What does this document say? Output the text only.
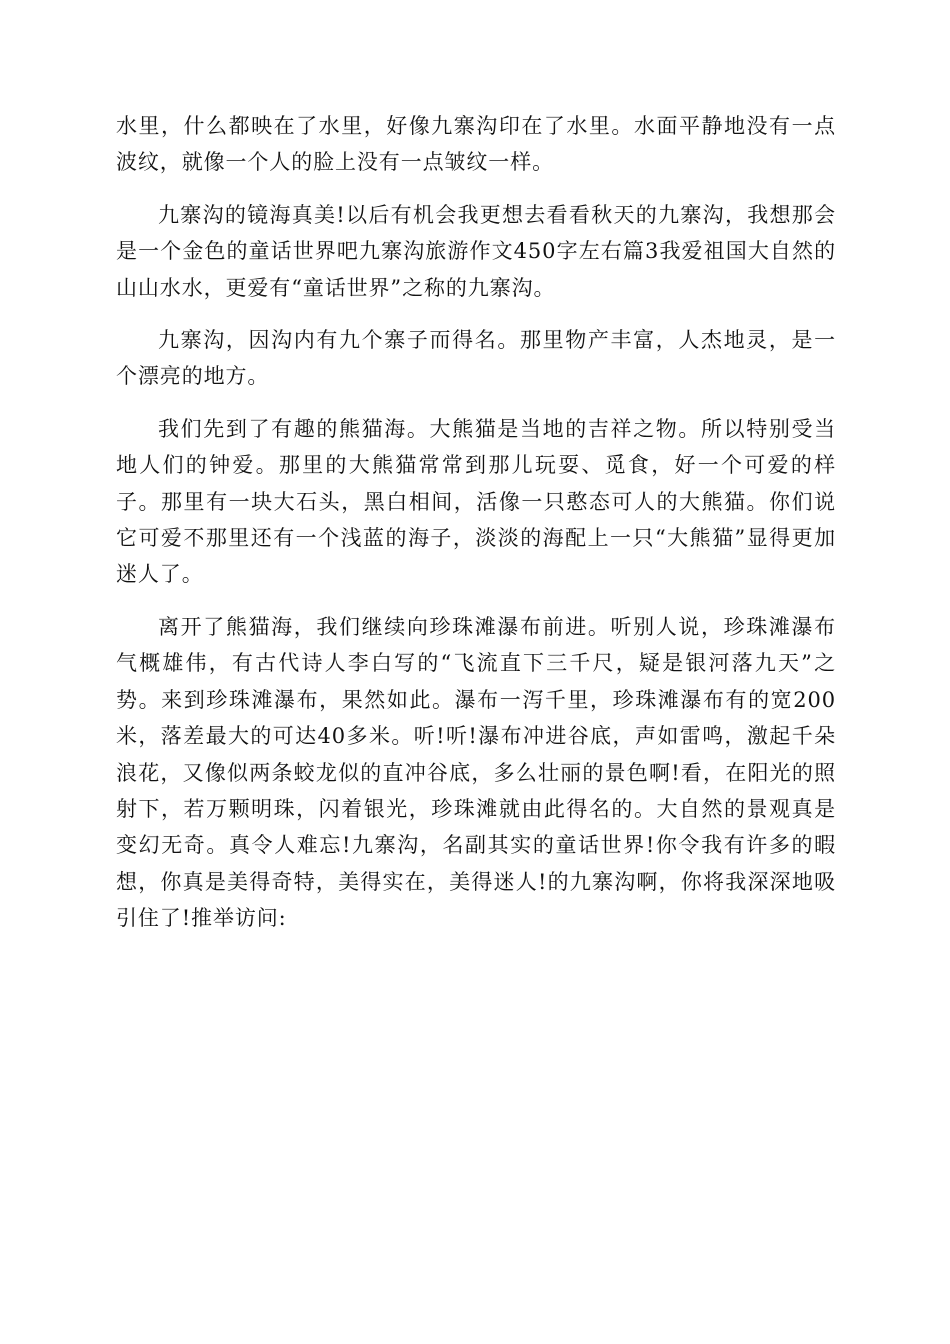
水里，什么都映在了水里，好像九寨沟印在了水里。水面平静地没有一点波纹，就像一个人的脸上没有一点皱纹一样。

九寨沟的镜海真美!以后有机会我更想去看看秋天的九寨沟，我想那会是一个金色的童话世界吧九寨沟旅游作文450字左右篇3我爱祖国大自然的山山水水，更爱有“童话世界”之称的九寨沟。

九寨沟，因沟内有九个寨子而得名。那里物产丰富，人杰地灵，是一个漂亮的地方。

我们先到了有趣的熊猫海。大熊猫是当地的吉祥之物。所以特别受当地人们的钟爱。那里的大熊猫常常到那儿玩耍、觅食，好一个可爱的样子。那里有一块大石头，黑白相间，活像一只憨态可人的大熊猫。你们说它可爱不那里还有一个浅蓝的海子，淡淡的海配上一只“大熊猫”显得更加迷人了。

离开了熊猫海，我们继续向珍珠滩瀑布前进。听别人说，珍珠滩瀑布气概雄伟，有古代诗人李白写的“飞流直下三千尺，疑是银河落九天”之势。来到珍珠滩瀑布，果然如此。瀑布一泻千里，珍珠滩瀑布有的宽200米，落差最大的可达40多米。听!听!瀑布冲进谷底，声如雷鸣，激起千朵浪花，又像似两条蛟龙似的直冲谷底，多么壮丽的景色啊!看，在阳光的照射下，若万颗明珠，闪着银光，珍珠滩就由此得名的。大自然的景观真是变幻无奇。真令人难忘!九寨沟，名副其实的童话世界!你令我有许多的暇想，你真是美得奇特，美得实在，美得迷人!的九寨沟啊，你将我深深地吸引住了!推举访问:
